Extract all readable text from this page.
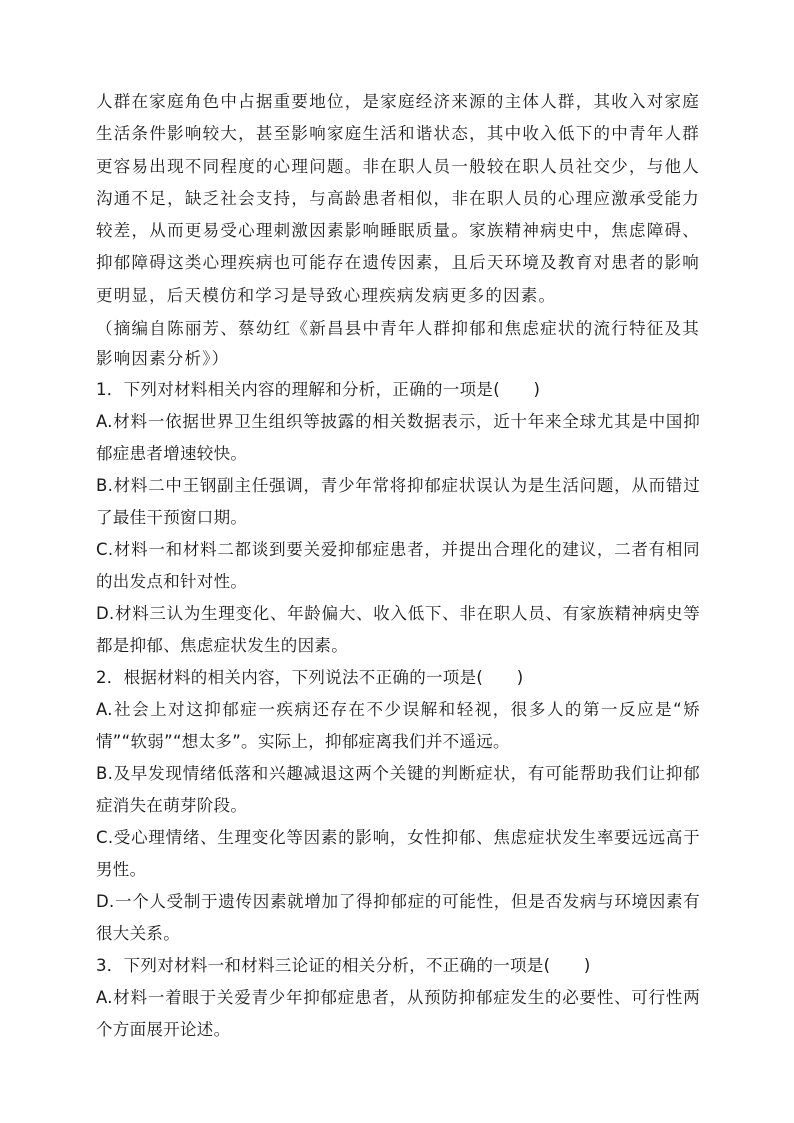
人群在家庭角色中占据重要地位，是家庭经济来源的主体人群，其收入对家庭生活条件影响较大，甚至影响家庭生活和谐状态，其中收入低下的中青年人群更容易出现不同程度的心理问题。非在职人员一般较在职人员社交少，与他人沟通不足，缺乏社会支持，与高龄患者相似，非在职人员的心理应激承受能力较差，从而更易受心理刺激因素影响睡眠质量。家族精神病史中，焦虑障碍、抑郁障碍这类心理疾病也可能存在遗传因素，且后天环境及教育对患者的影响更明显，后天模仿和学习是导致心理疾病发病更多的因素。

（摘编自陈丽芳、蔡幼红《新昌县中青年人群抑郁和焦虑症状的流行特征及其影响因素分析》）

1．下列对材料相关内容的理解和分析，正确的一项是(　　)

A.材料一依据世界卫生组织等披露的相关数据表示，近十年来全球尤其是中国抑郁症患者增速较快。

B.材料二中王钢副主任强调，青少年常将抑郁症状误认为是生活问题，从而错过了最佳干预窗口期。

C.材料一和材料二都谈到要关爱抑郁症患者，并提出合理化的建议，二者有相同的出发点和针对性。

D.材料三认为生理变化、年龄偏大、收入低下、非在职人员、有家族精神病史等都是抑郁、焦虑症状发生的因素。

2．根据材料的相关内容，下列说法不正确的一项是(　　)

A.社会上对这抑郁症一疾病还存在不少误解和轻视，很多人的第一反应是“矫情”“软弱”“想太多”。实际上，抑郁症离我们并不遥远。

B.及早发现情绪低落和兴趣减退这两个关键的判断症状，有可能帮助我们让抑郁症消失在萌芽阶段。

C.受心理情绪、生理变化等因素的影响，女性抑郁、焦虑症状发生率要远远高于男性。

D.一个人受制于遗传因素就增加了得抑郁症的可能性，但是否发病与环境因素有很大关系。

3．下列对材料一和材料三论证的相关分析，不正确的一项是(　　)

A.材料一着眼于关爱青少年抑郁症患者，从预防抑郁症发生的必要性、可行性两个方面展开论述。
